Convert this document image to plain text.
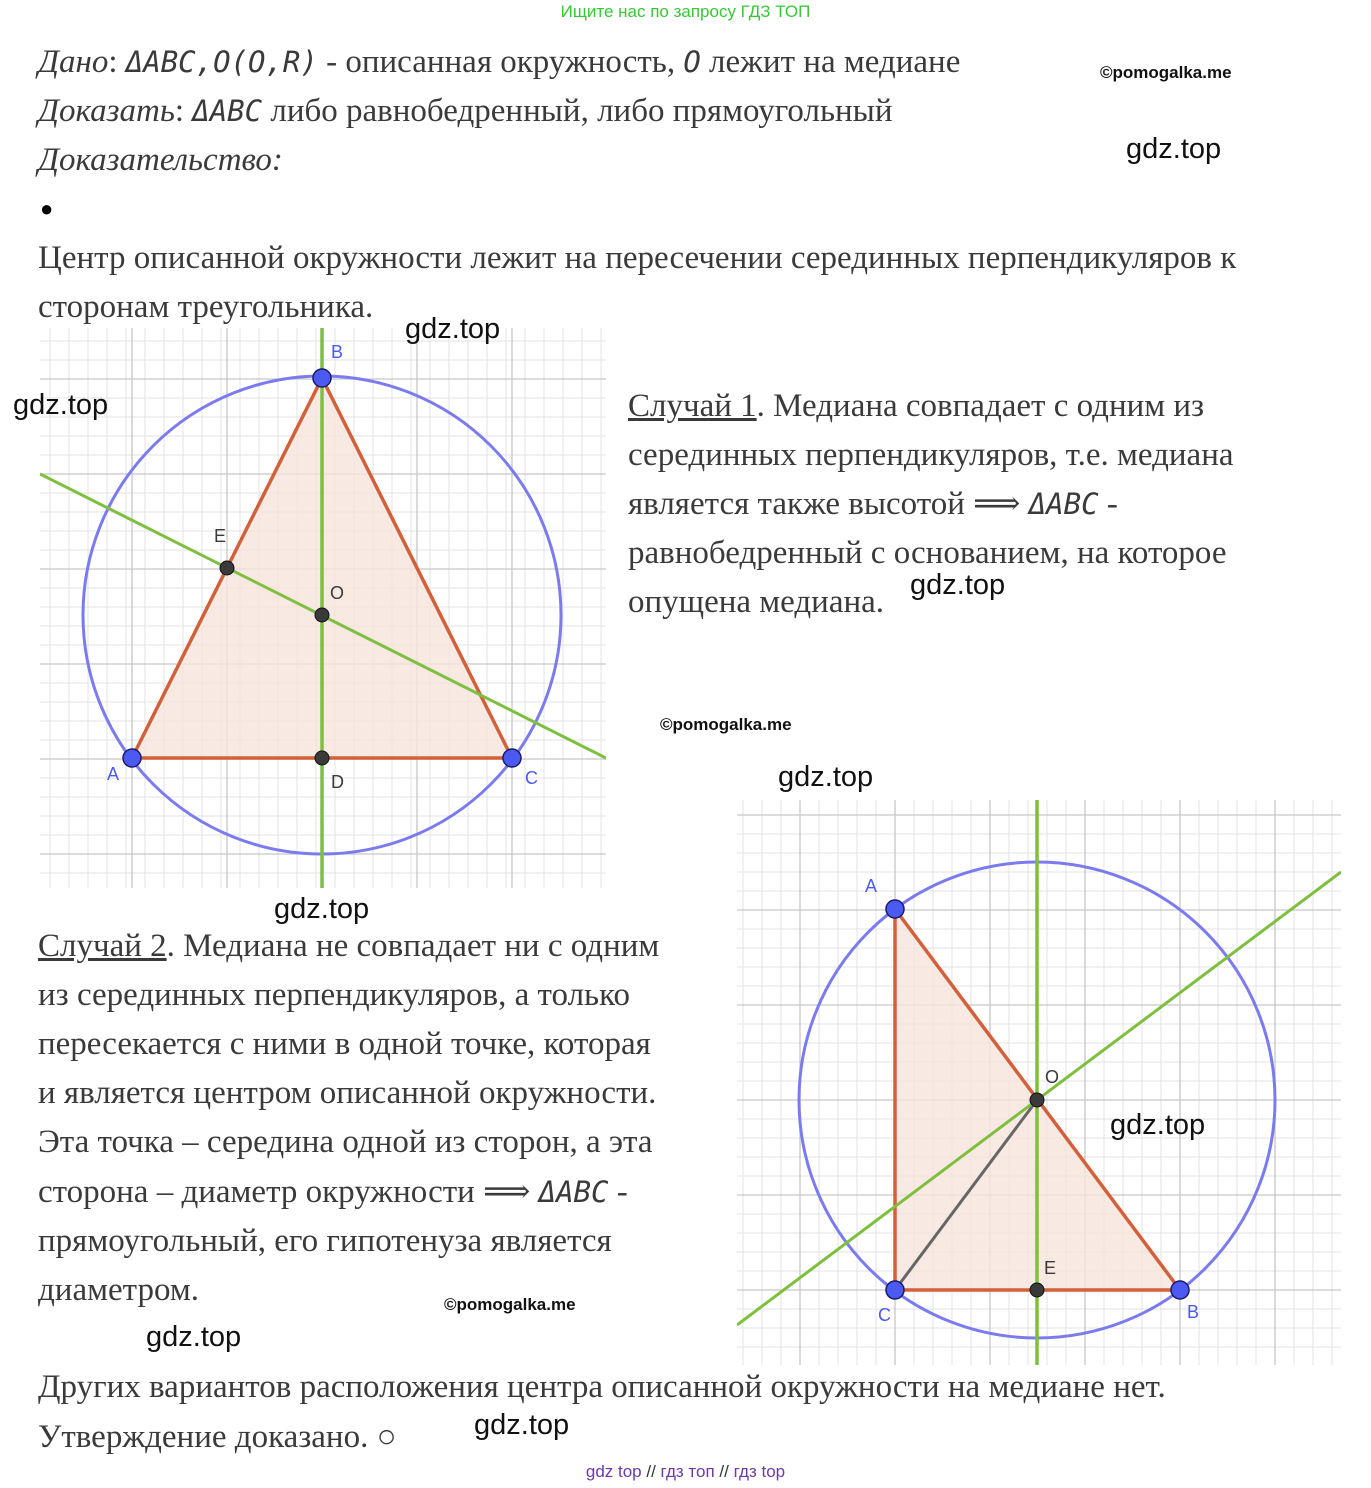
Ищите нас по запросу ГДЗ ТОП
Дано: ΔABC,O(O,R) - описанная окружность, O лежит на медиане
Доказать: ΔABC либо равнобедренный, либо прямоугольный
Доказательство:
●
Центр описанной окружности лежит на пересечении серединных перпендикуляров к
сторонам треугольника.
Случай 1. Медиана совпадает с одним из
серединных перпендикуляров, т.е. медиана
является также высотой ⟹ ΔABC -
равнобедренный с основанием, на которое
опущена медиана.
Случай 2. Медиана не совпадает ни с одним
из серединных перпендикуляров, а только
пересекается с ними в одной точке, которая
и является центром описанной окружности.
Эта точка – середина одной из сторон, а эта
сторона – диаметр окружности ⟹ ΔABC -
прямоугольный, его гипотенуза является
диаметром.
Других вариантов расположения центра описанной окружности на медиане нет.
Утверждение доказано. ○
A
B
C
D
E
O
A
B
C
E
O
©pomogalka.me
gdz.top
gdz.top
gdz.top
gdz.top
©pomogalka.me
gdz.top
gdz.top
gdz.top
©pomogalka.me
gdz.top
gdz.top
gdz top // гдз топ // гдз top
